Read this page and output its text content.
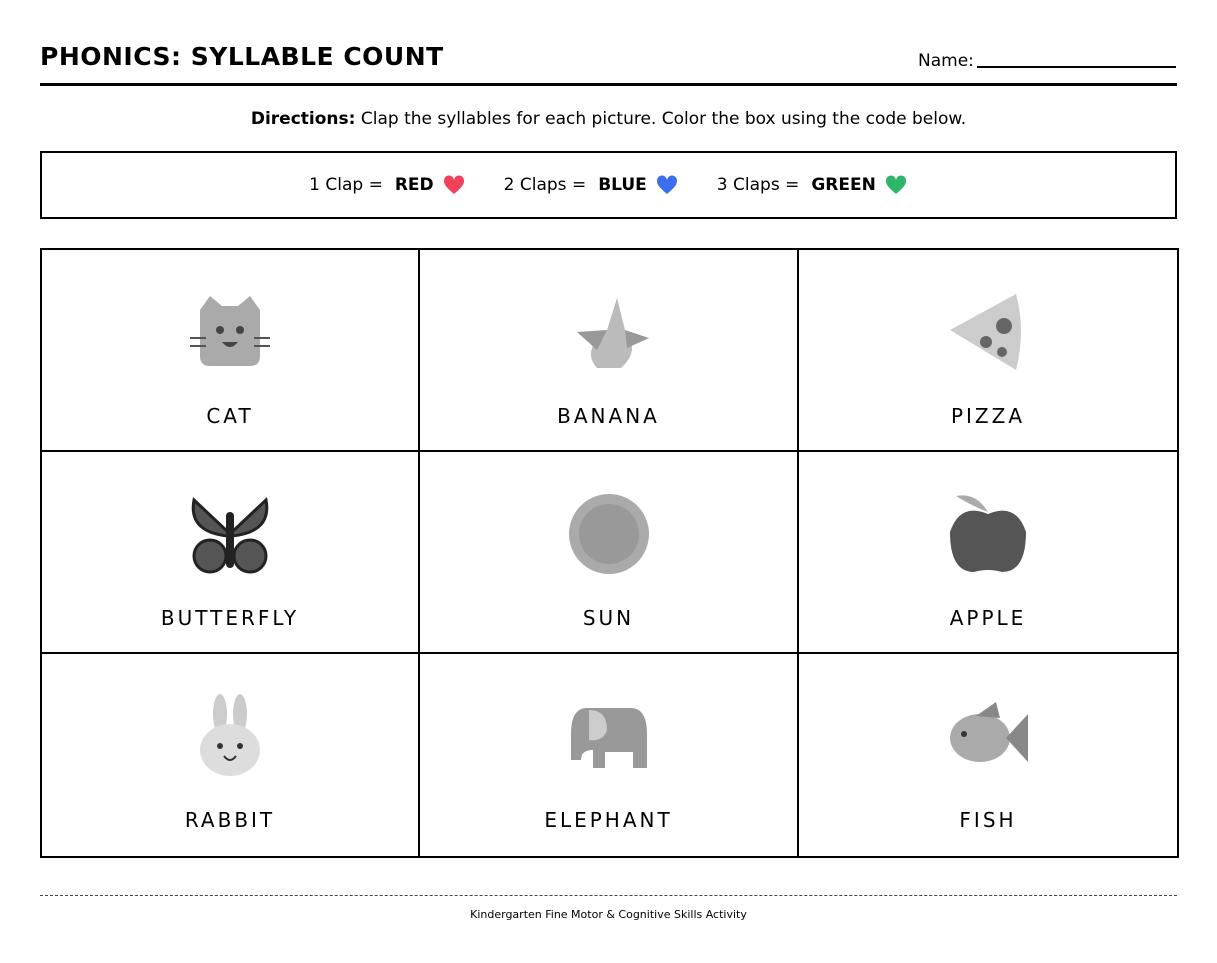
PHONICS: SYLLABLE COUNT	Name:
Directions: Clap the syllables for each picture. Color the box using the code below.
1 Clap = RED	2 Claps = BLUE	3 Claps = GREEN
CAT	BANANA	PIZZA
BUTTERFLY	SUN	APPLE
RABBIT	ELEPHANT	FISH
Kindergarten Fine Motor & Cognitive Skills Activity
